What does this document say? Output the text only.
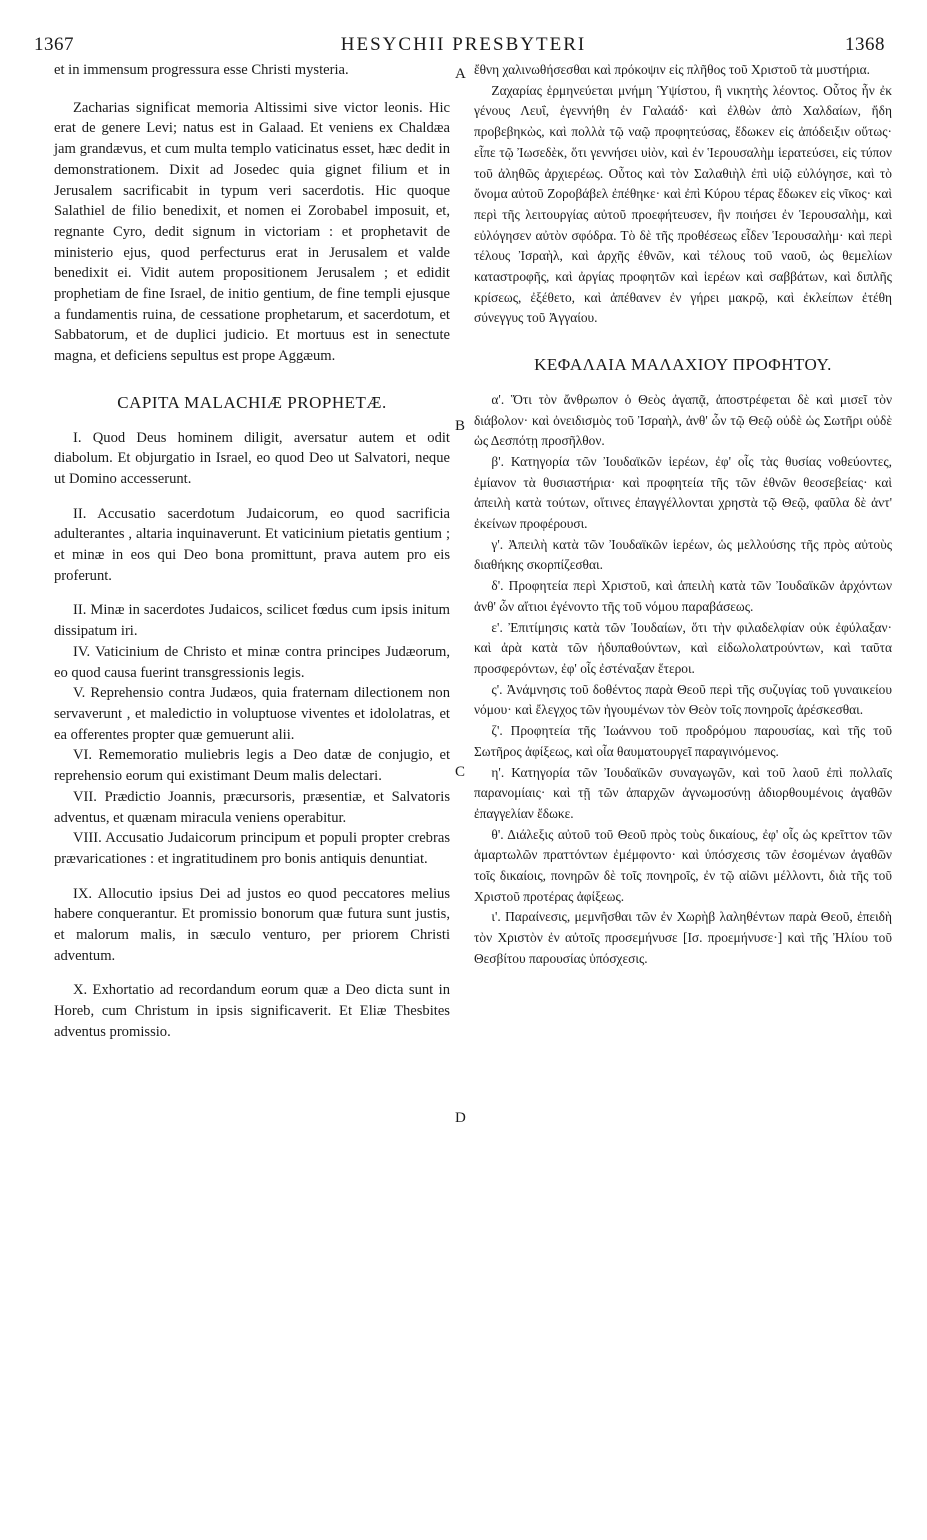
1367	HESYCHII PRESBYTERI	1368
A
B
C
D

et in immensum progressura esse Christi mysteria.

Zacharias significat memoria Altissimi sive victor leonis. Hic erat de genere Levi; natus est in Galaad. Et veniens ex Chaldæa jam grandævus, et cum multa templo vaticinatus esset, hæc dedit in demonstrationem. Dixit ad Josedec quia gignet filium et in Jerusalem sacrificabit in typum veri sacerdotis. Hic quoque Salathiel de filio benedixit, et nomen ei Zorobabel imposuit, et, regnante Cyro, dedit signum in victoriam : et prophetavit de ministerio ejus, quod perfecturus erat in Jerusalem et valde benedixit ei. Vidit autem propositionem Jerusalem ; et edidit prophetiam de fine Israel, de initio gentium, de fine templi ejusque a fundamentis ruina, de cessatione prophetarum, et sacerdotum, et Sabbatorum, et de duplici judicio. Et mortuus est in senectute magna, et deficiens sepultus est prope Aggæum.

CAPITA MALACHIÆ PROPHETÆ.

I. Quod Deus hominem diligit, aversatur autem et odit diabolum. Et objurgatio in Israel, eo quod Deo ut Salvatori, neque ut Domino accesserunt.

II. Accusatio sacerdotum Judaicorum, eo quod sacrificia adulterantes , altaria inquinaverunt. Et vaticinium pietatis gentium ; et minæ in eos qui Deo bona promittunt, prava autem pro eis proferunt.

II. Minæ in sacerdotes Judaicos, scilicet fœdus cum ipsis initum dissipatum iri.

IV. Vaticinium de Christo et minæ contra principes Judæorum, eo quod causa fuerint transgressionis legis.

V. Reprehensio contra Judæos, quia fraternam dilectionem non servaverunt , et maledictio in voluptuose viventes et idololatras, et ea offerentes propter quæ gemuerunt alii.

VI. Rememoratio muliebris legis a Deo datæ de conjugio, et reprehensio eorum qui existimant Deum malis delectari.

VII. Prædictio Joannis, præcursoris, præsentiæ, et Salvatoris adventus, et quænam miracula veniens operabitur.

VIII. Accusatio Judaicorum principum et populi propter crebras prævaricationes : et ingratitudinem pro bonis antiquis denuntiat.

IX. Allocutio ipsius Dei ad justos eo quod peccatores melius habere conquerantur. Et promissio bonorum quæ futura sunt justis, et malorum malis, in sæculo venturo, per priorem Christi adventum.

X. Exhortatio ad recordandum eorum quæ a Deo dicta sunt in Horeb, cum Christum in ipsis significaverit. Et Eliæ Thesbites adventus promissio.

ἔθνη χαλινωθήσεσθαι καὶ πρόκοψιν εἰς πλῆθος τοῦ Χριστοῦ τὰ μυστήρια.

Ζαχαρίας ἑρμηνεύεται μνήμη Ὑψίστου, ἢ νικητὴς λέοντος. Οὗτος ἦν ἐκ γένους Λευΐ, ἐγεννήθη ἐν Γαλαάδ· καὶ ἐλθὼν ἀπὸ Χαλδαίων, ἤδη προβεβηκὼς, καὶ πολλὰ τῷ ναῷ προφητεύσας, ἔδωκεν εἰς ἀπόδειξιν οὕτως· εἶπε τῷ Ἰωσεδὲκ, ὅτι γεννήσει υἱὸν, καὶ ἐν Ἱερουσαλὴμ ἱερατεύσει, εἰς τύπον τοῦ ἀληθῶς ἀρχιερέως. Οὗτος καὶ τὸν Σαλαθιὴλ ἐπὶ υἱῷ εὐλόγησε, καὶ τὸ ὄνομα αὐτοῦ Ζοροβάβελ ἐπέθηκε· καὶ ἐπὶ Κύρου τέρας ἔδωκεν εἰς νῖκος· καὶ περὶ τῆς λειτουργίας αὐτοῦ προεφήτευσεν, ἣν ποιήσει ἐν Ἱερουσαλὴμ, καὶ εὐλόγησεν αὐτὸν σφόδρα. Τὸ δὲ τῆς προθέσεως εἶδεν Ἱερουσαλὴμ· καὶ περὶ τέλους Ἰσραὴλ, καὶ ἀρχῆς ἐθνῶν, καὶ τέλους τοῦ ναοῦ, ὡς θεμελίων καταστροφῆς, καὶ ἀργίας προφητῶν καὶ ἱερέων καὶ σαββάτων, καὶ διπλῆς κρίσεως, ἐξέθετο, καὶ ἀπέθανεν ἐν γήρει μακρῷ, καὶ ἐκλείπων ἐτέθη σύνεγγυς τοῦ Ἀγγαίου.

ΚΕΦΑΛΑΙΑ ΜΑΛΑΧΙΟΥ ΠΡΟΦΗΤΟΥ.

α'. Ὅτι τὸν ἄνθρωπον ὁ Θεὸς ἀγαπᾷ, ἀποστρέφεται δὲ καὶ μισεῖ τὸν διάβολον· καὶ ὀνειδισμὸς τοῦ Ἰσραὴλ, ἀνθ' ὧν τῷ Θεῷ οὐδὲ ὡς Σωτῆρι οὐδὲ ὡς Δεσπότῃ προσῆλθον.

β'. Κατηγορία τῶν Ἰουδαϊκῶν ἱερέων, ἐφ' οἷς τὰς θυσίας νοθεύοντες, ἐμίανον τὰ θυσιαστήρια· καὶ προφητεία τῆς τῶν ἐθνῶν θεοσεβείας· καὶ ἀπειλὴ κατὰ τούτων, οἵτινες ἐπαγγέλλονται χρηστὰ τῷ Θεῷ, φαῦλα δὲ ἀντ' ἐκείνων προφέρουσι.

γ'. Ἀπειλὴ κατὰ τῶν Ἰουδαϊκῶν ἱερέων, ὡς μελλούσης τῆς πρὸς αὐτοὺς διαθήκης σκορπίζεσθαι.

δ'. Προφητεία περὶ Χριστοῦ, καὶ ἀπειλὴ κατὰ τῶν Ἰουδαϊκῶν ἀρχόντων ἀνθ' ὧν αἴτιοι ἐγένοντο τῆς τοῦ νόμου παραβάσεως.

ε'. Ἐπιτίμησις κατὰ τῶν Ἰουδαίων, ὅτι τὴν φιλαδελφίαν οὐκ ἐφύλαξαν· καὶ ἀρὰ κατὰ τῶν ἡδυπαθούντων, καὶ εἰδωλολατρούντων, καὶ ταῦτα προσφερόντων, ἐφ' οἷς ἐστέναξαν ἕτεροι.

ς'. Ἀνάμνησις τοῦ δοθέντος παρὰ Θεοῦ περὶ τῆς συζυγίας τοῦ γυναικείου νόμου· καὶ ἔλεγχος τῶν ἡγουμένων τὸν Θεὸν τοῖς πονηροῖς ἀρέσκεσθαι.

ζ'. Προφητεία τῆς Ἰωάννου τοῦ προδρόμου παρουσίας, καὶ τῆς τοῦ Σωτῆρος ἀφίξεως, καὶ οἷα θαυματουργεῖ παραγινόμενος.

η'. Κατηγορία τῶν Ἰουδαϊκῶν συναγωγῶν, καὶ τοῦ λαοῦ ἐπὶ πολλαῖς παρανομίαις· καὶ τῇ τῶν ἀπαρχῶν ἀγνωμοσύνῃ ἀδιορθουμένοις ἀγαθῶν ἐπαγγελίαν ἔδωκε.

θ'. Διάλεξις αὐτοῦ τοῦ Θεοῦ πρὸς τοὺς δικαίους, ἐφ' οἷς ὡς κρεῖττον τῶν ἁμαρτωλῶν πραττόντων ἐμέμφοντο· καὶ ὑπόσχεσις τῶν ἐσομένων ἀγαθῶν τοῖς δικαίοις, πονηρῶν δὲ τοῖς πονηροῖς, ἐν τῷ αἰῶνι μέλλοντι, διὰ τῆς τοῦ Χριστοῦ προτέρας ἀφίξεως.

ι'. Παραίνεσις, μεμνῆσθαι τῶν ἐν Χωρὴβ λαληθέντων παρὰ Θεοῦ, ἐπειδὴ τὸν Χριστὸν ἐν αὐτοῖς προσεμήνυσε [Ισ. προεμήνυσε·] καὶ τῆς Ἠλίου τοῦ Θεσβίτου παρουσίας ὑπόσχεσις.
